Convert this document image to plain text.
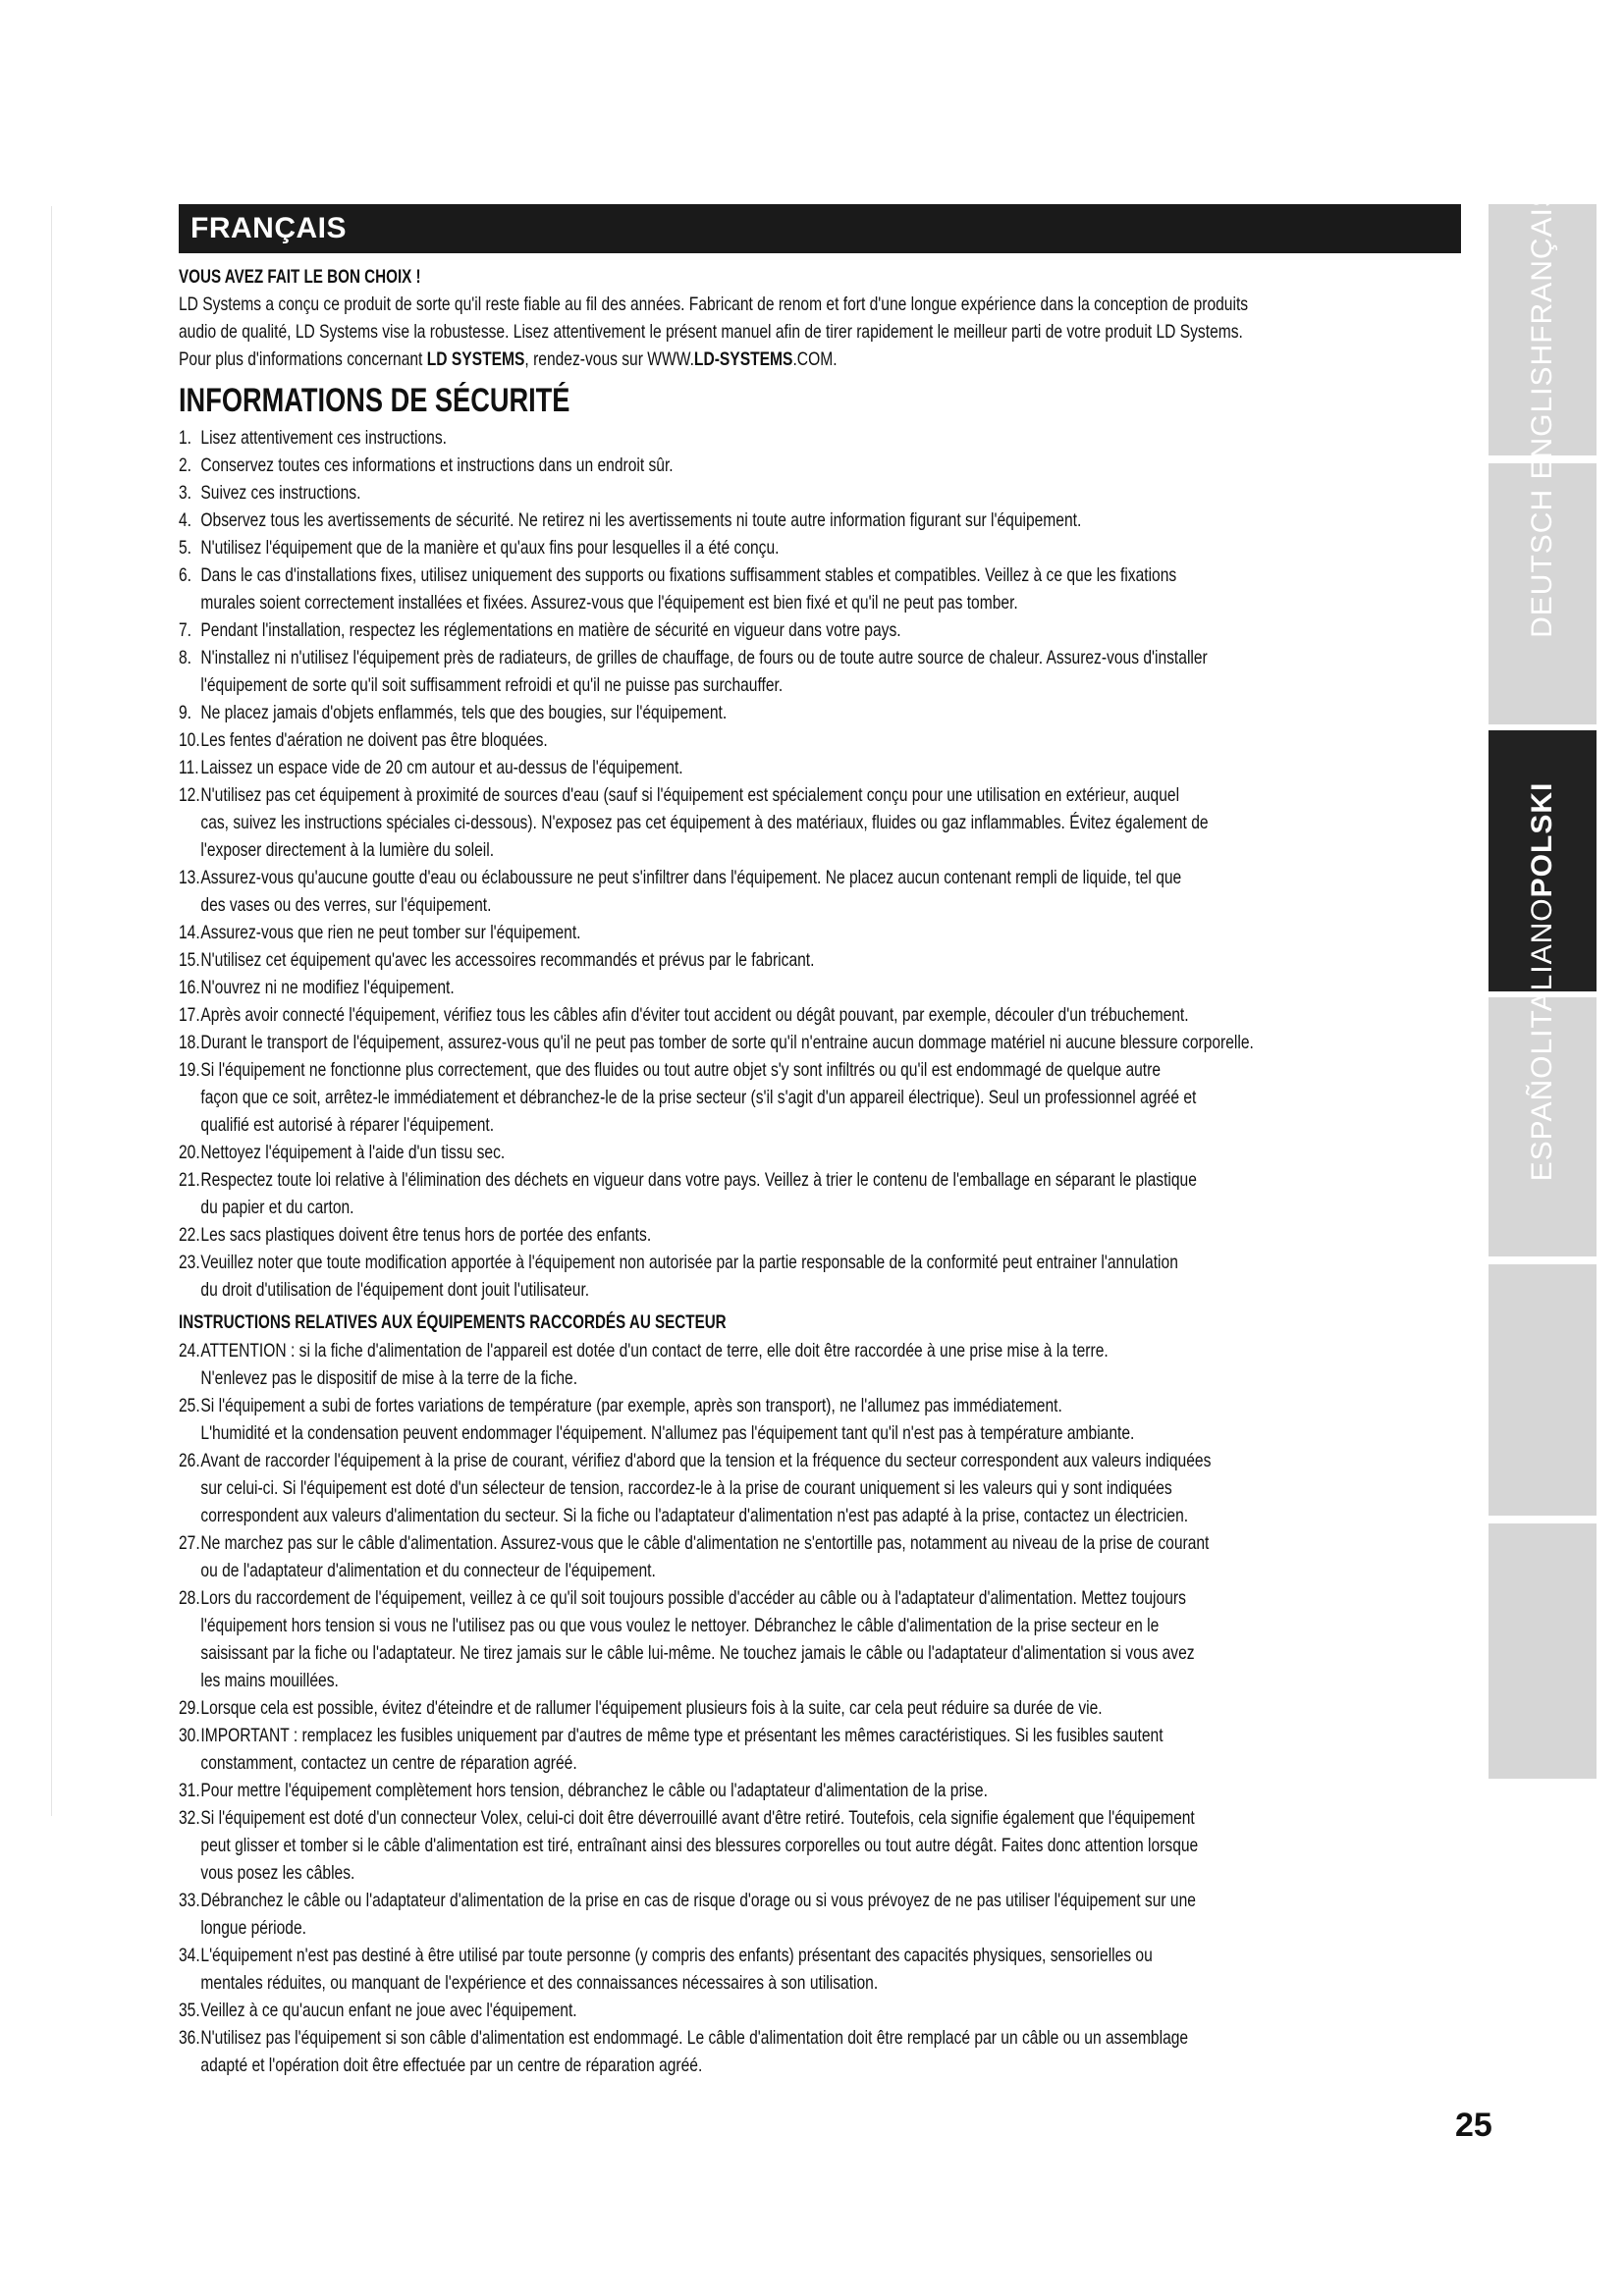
FRANÇAIS
VOUS AVEZ FAIT LE BON CHOIX !
LD Systems a conçu ce produit de sorte qu'il reste fiable au fil des années. Fabricant de renom et fort d'une longue expérience dans la conception de produits
audio de qualité, LD Systems vise la robustesse. Lisez attentivement le présent manuel afin de tirer rapidement le meilleur parti de votre produit LD Systems.
Pour plus d'informations concernant LD SYSTEMS, rendez-vous sur WWW.LD-SYSTEMS.COM.
INFORMATIONS DE SÉCURITÉ
1. Lisez attentivement ces instructions.
2. Conservez toutes ces informations et instructions dans un endroit sûr.
3. Suivez ces instructions.
4. Observez tous les avertissements de sécurité. Ne retirez ni les avertissements ni toute autre information figurant sur l'équipement.
5. N'utilisez l'équipement que de la manière et qu'aux fins pour lesquelles il a été conçu.
6. Dans le cas d'installations fixes, utilisez uniquement des supports ou fixations suffisamment stables et compatibles. Veillez à ce que les fixations
murales soient correctement installées et fixées. Assurez-vous que l'équipement est bien fixé et qu'il ne peut pas tomber.
7. Pendant l'installation, respectez les réglementations en matière de sécurité en vigueur dans votre pays.
8. N'installez ni n'utilisez l'équipement près de radiateurs, de grilles de chauffage, de fours ou de toute autre source de chaleur. Assurez-vous d'installer
l'équipement de sorte qu'il soit suffisamment refroidi et qu'il ne puisse pas surchauffer.
9. Ne placez jamais d'objets enflammés, tels que des bougies, sur l'équipement.
10. Les fentes d'aération ne doivent pas être bloquées.
11. Laissez un espace vide de 20 cm autour et au-dessus de l'équipement.
12. N'utilisez pas cet équipement à proximité de sources d'eau (sauf si l'équipement est spécialement conçu pour une utilisation en extérieur, auquel
cas, suivez les instructions spéciales ci-dessous). N'exposez pas cet équipement à des matériaux, fluides ou gaz inflammables. Évitez également de
l'exposer directement à la lumière du soleil.
13. Assurez-vous qu'aucune goutte d'eau ou éclaboussure ne peut s'infiltrer dans l'équipement. Ne placez aucun contenant rempli de liquide, tel que
des vases ou des verres, sur l'équipement.
14. Assurez-vous que rien ne peut tomber sur l'équipement.
15. N'utilisez cet équipement qu'avec les accessoires recommandés et prévus par le fabricant.
16. N'ouvrez ni ne modifiez l'équipement.
17. Après avoir connecté l'équipement, vérifiez tous les câbles afin d'éviter tout accident ou dégât pouvant, par exemple, découler d'un trébuchement.
18. Durant le transport de l'équipement, assurez-vous qu'il ne peut pas tomber de sorte qu'il n'entraine aucun dommage matériel ni aucune blessure corporelle.
19. Si l'équipement ne fonctionne plus correctement, que des fluides ou tout autre objet s'y sont infiltrés ou qu'il est endommagé de quelque autre
façon que ce soit, arrêtez-le immédiatement et débranchez-le de la prise secteur (s'il s'agit d'un appareil électrique). Seul un professionnel agréé et
qualifié est autorisé à réparer l'équipement.
20. Nettoyez l'équipement à l'aide d'un tissu sec.
21. Respectez toute loi relative à l'élimination des déchets en vigueur dans votre pays. Veillez à trier le contenu de l'emballage en séparant le plastique
du papier et du carton.
22. Les sacs plastiques doivent être tenus hors de portée des enfants.
23. Veuillez noter que toute modification apportée à l'équipement non autorisée par la partie responsable de la conformité peut entrainer l'annulation
du droit d'utilisation de l'équipement dont jouit l'utilisateur.
INSTRUCTIONS RELATIVES AUX ÉQUIPEMENTS RACCORDÉS AU SECTEUR
24. ATTENTION : si la fiche d'alimentation de l'appareil est dotée d'un contact de terre, elle doit être raccordée à une prise mise à la terre.
N'enlevez pas le dispositif de mise à la terre de la fiche.
25. Si l'équipement a subi de fortes variations de température (par exemple, après son transport), ne l'allumez pas immédiatement.
L'humidité et la condensation peuvent endommager l'équipement. N'allumez pas l'équipement tant qu'il n'est pas à température ambiante.
26. Avant de raccorder l'équipement à la prise de courant, vérifiez d'abord que la tension et la fréquence du secteur correspondent aux valeurs indiquées
sur celui-ci. Si l'équipement est doté d'un sélecteur de tension, raccordez-le à la prise de courant uniquement si les valeurs qui y sont indiquées
correspondent aux valeurs d'alimentation du secteur. Si la fiche ou l'adaptateur d'alimentation n'est pas adapté à la prise, contactez un électricien.
27. Ne marchez pas sur le câble d'alimentation. Assurez-vous que le câble d'alimentation ne s'entortille pas, notamment au niveau de la prise de courant
ou de l'adaptateur d'alimentation et du connecteur de l'équipement.
28. Lors du raccordement de l'équipement, veillez à ce qu'il soit toujours possible d'accéder au câble ou à l'adaptateur d'alimentation. Mettez toujours
l'équipement hors tension si vous ne l'utilisez pas ou que vous voulez le nettoyer. Débranchez le câble d'alimentation de la prise secteur en le
saisissant par la fiche ou l'adaptateur. Ne tirez jamais sur le câble lui-même. Ne touchez jamais le câble ou l'adaptateur d'alimentation si vous avez
les mains mouillées.
29. Lorsque cela est possible, évitez d'éteindre et de rallumer l'équipement plusieurs fois à la suite, car cela peut réduire sa durée de vie.
30. IMPORTANT : remplacez les fusibles uniquement par d'autres de même type et présentant les mêmes caractéristiques. Si les fusibles sautent
constamment, contactez un centre de réparation agréé.
31. Pour mettre l'équipement complètement hors tension, débranchez le câble ou l'adaptateur d'alimentation de la prise.
32. Si l'équipement est doté d'un connecteur Volex, celui-ci doit être déverrouillé avant d'être retiré. Toutefois, cela signifie également que l'équipement
peut glisser et tomber si le câble d'alimentation est tiré, entraînant ainsi des blessures corporelles ou tout autre dégât. Faites donc attention lorsque
vous posez les câbles.
33. Débranchez le câble ou l'adaptateur d'alimentation de la prise en cas de risque d'orage ou si vous prévoyez de ne pas utiliser l'équipement sur une
longue période.
34. L'équipement n'est pas destiné à être utilisé par toute personne (y compris des enfants) présentant des capacités physiques, sensorielles ou
mentales réduites, ou manquant de l'expérience et des connaissances nécessaires à son utilisation.
35. Veillez à ce qu'aucun enfant ne joue avec l'équipement.
36. N'utilisez pas l'équipement si son câble d'alimentation est endommagé. Le câble d'alimentation doit être remplacé par un câble ou un assemblage
adapté et l'opération doit être effectuée par un centre de réparation agréé.
DEUTSCH ENGLISHFRANÇAIS
ESPAÑOLITALIANOPOLSKI
25
